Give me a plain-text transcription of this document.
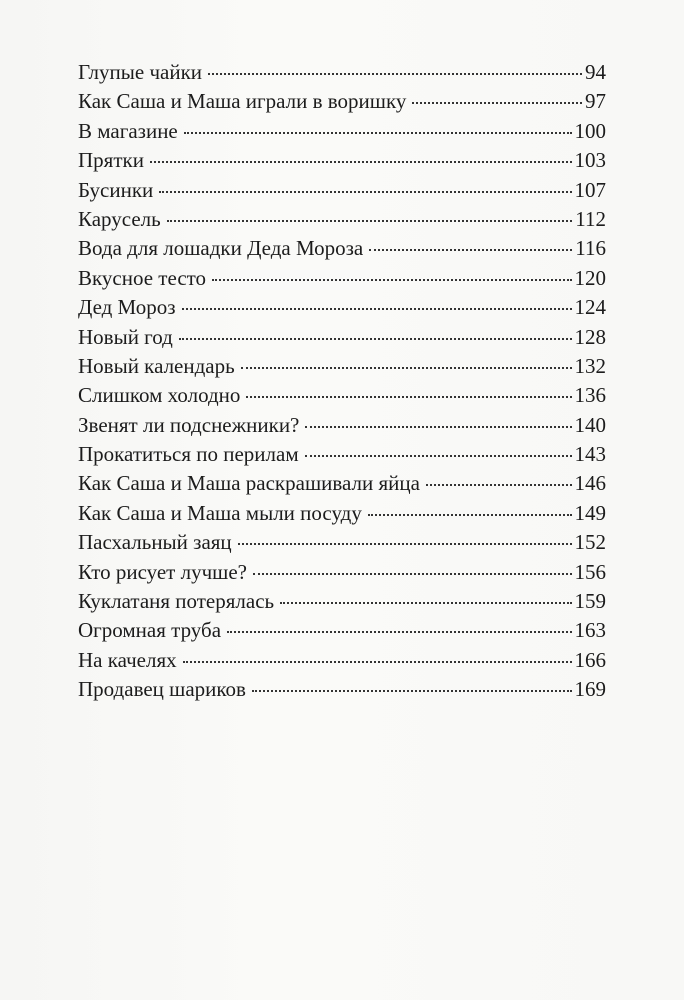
Глупые чайки	94
Как Саша и Маша играли в воришку	97
В магазине	100
Прятки	103
Бусинки	107
Карусель	112
Вода для лошадки Деда Мороза	116
Вкусное тесто	120
Дед Мороз	124
Новый год	128
Новый календарь	132
Слишком холодно	136
Звенят ли подснежники?	140
Прокатиться по перилам	143
Как Саша и Маша раскрашивали яйца	146
Как Саша и Маша мыли посуду	149
Пасхальный заяц	152
Кто рисует лучше?	156
Куклатаня потерялась	159
Огромная труба	163
На качелях	166
Продавец шариков	169
